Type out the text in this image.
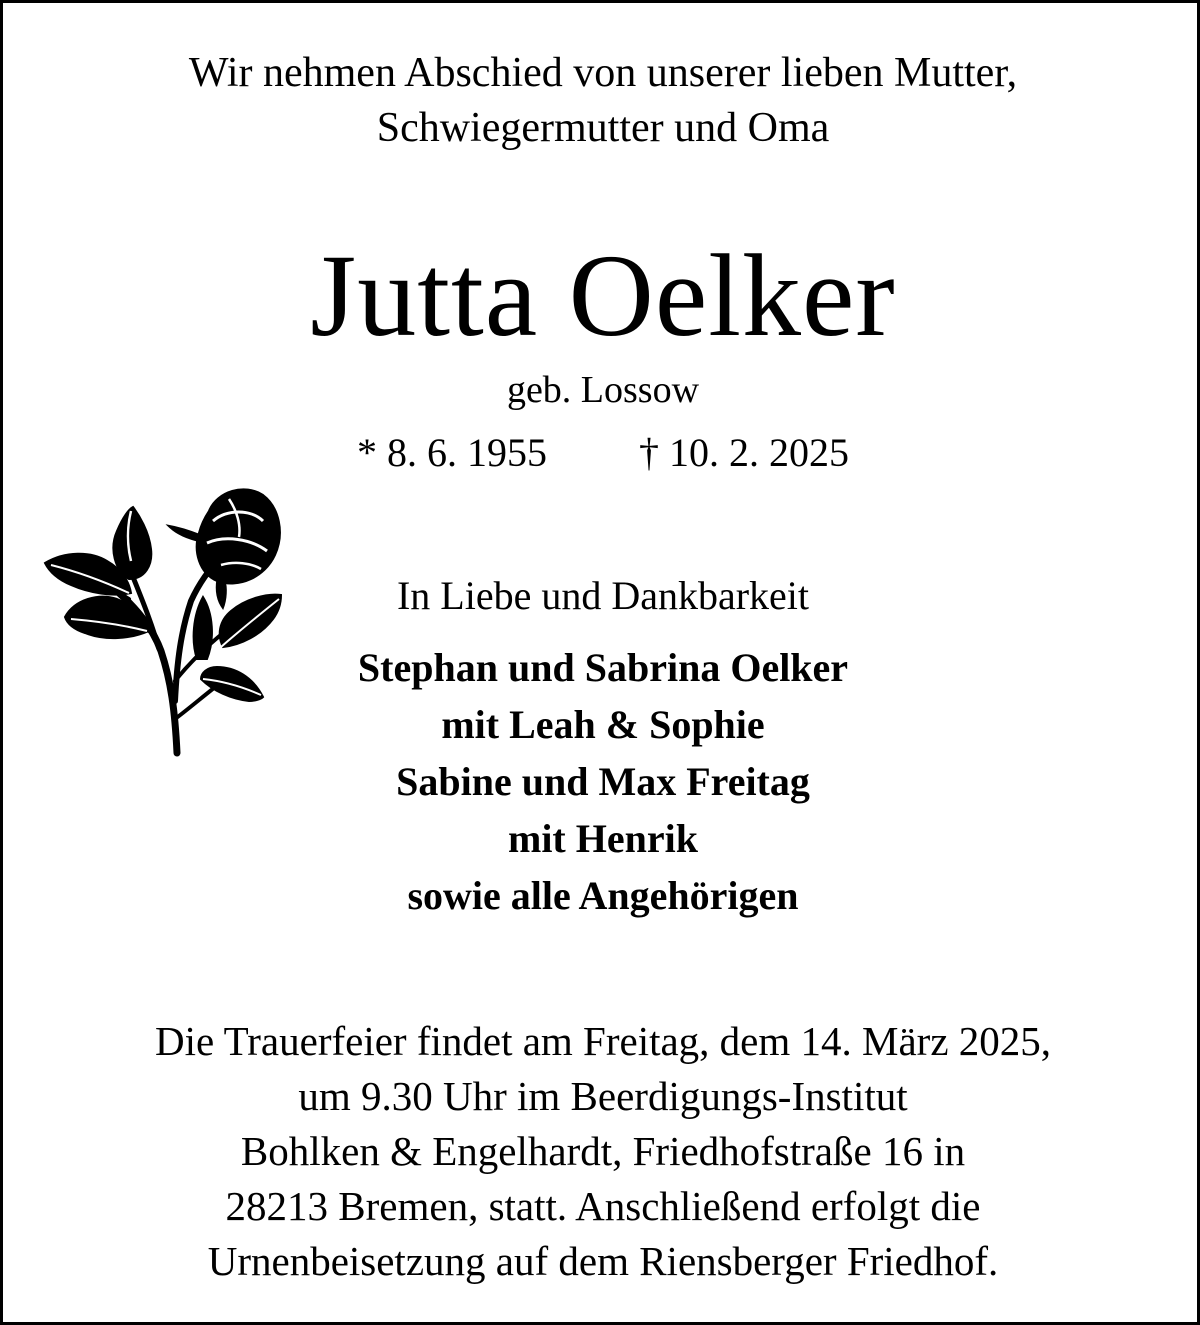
Wir nehmen Abschied von unserer lieben Mutter,
Schwiegermutter und Oma
Jutta Oelker
geb. Lossow
* 8. 6. 1955 † 10. 2. 2025
In Liebe und Dankbarkeit
Stephan und Sabrina Oelker
mit Leah & Sophie
Sabine und Max Freitag
mit Henrik
sowie alle Angehörigen
Die Trauerfeier findet am Freitag, dem 14. März 2025,
um 9.30 Uhr im Beerdigungs-Institut
Bohlken & Engelhardt, Friedhofstraße 16 in
28213 Bremen, statt. Anschließend erfolgt die
Urnenbeisetzung auf dem Riensberger Friedhof.
